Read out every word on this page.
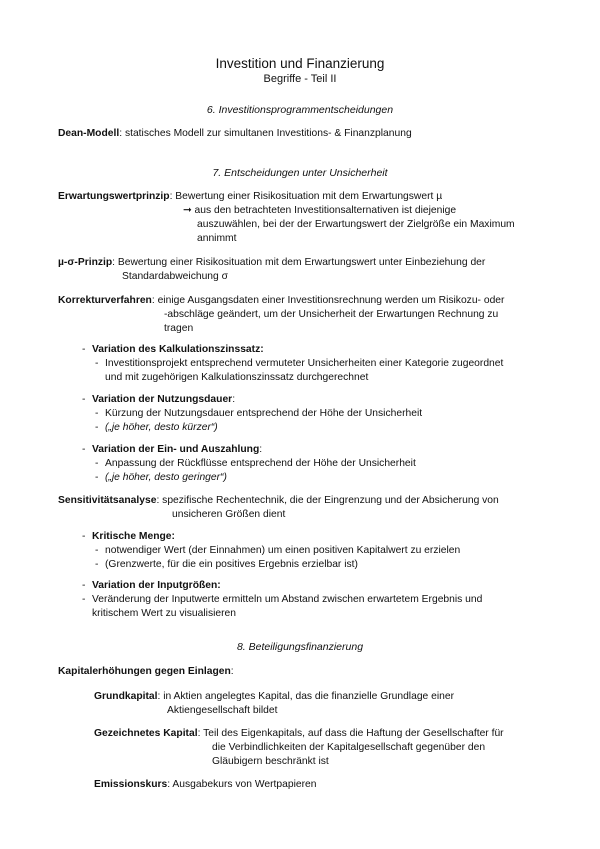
Investition und Finanzierung
Begriffe - Teil II
6. Investitionsprogrammentscheidungen
Dean-Modell: statisches Modell zur simultanen Investitions- & Finanzplanung
7. Entscheidungen unter Unsicherheit
Erwartungswertprinzip: Bewertung einer Risikosituation mit dem Erwartungswert µ
➞ aus den betrachteten Investitionsalternativen ist diejenige
auszuwählen, bei der der Erwartungswert der Zielgröße ein Maximum
annimmt
µ-σ-Prinzip: Bewertung einer Risikosituation mit dem Erwartungswert unter Einbeziehung der
Standardabweichung σ
Korrekturverfahren: einige Ausgangsdaten einer Investitionsrechnung werden um Risikozu- oder
-abschläge geändert, um der Unsicherheit der Erwartungen Rechnung zu
tragen
- Variation des Kalkulationszinssatz:
- Investitionsprojekt entsprechend vermuteter Unsicherheiten einer Kategorie zugeordnet
und mit zugehörigen Kalkulationszinssatz durchgerechnet
- Variation der Nutzungsdauer:
- Kürzung der Nutzungsdauer entsprechend der Höhe der Unsicherheit
- („je höher, desto kürzer“)
- Variation der Ein- und Auszahlung:
- Anpassung der Rückflüsse entsprechend der Höhe der Unsicherheit
- („je höher, desto geringer“)
Sensitivitätsanalyse: spezifische Rechentechnik, die der Eingrenzung und der Absicherung von
unsicheren Größen dient
- Kritische Menge:
- notwendiger Wert (der Einnahmen) um einen positiven Kapitalwert zu erzielen
- (Grenzwerte, für die ein positives Ergebnis erzielbar ist)
- Variation der Inputgrößen:
- Veränderung der Inputwerte ermitteln um Abstand zwischen erwartetem Ergebnis und
kritischem Wert zu visualisieren
8. Beteiligungsfinanzierung
Kapitalerhöhungen gegen Einlagen:
Grundkapital: in Aktien angelegtes Kapital, das die finanzielle Grundlage einer
Aktiengesellschaft bildet
Gezeichnetes Kapital: Teil des Eigenkapitals, auf dass die Haftung der Gesellschafter für
die Verbindlichkeiten der Kapitalgesellschaft gegenüber den
Gläubigern beschränkt ist
Emissionskurs: Ausgabekurs von Wertpapieren
